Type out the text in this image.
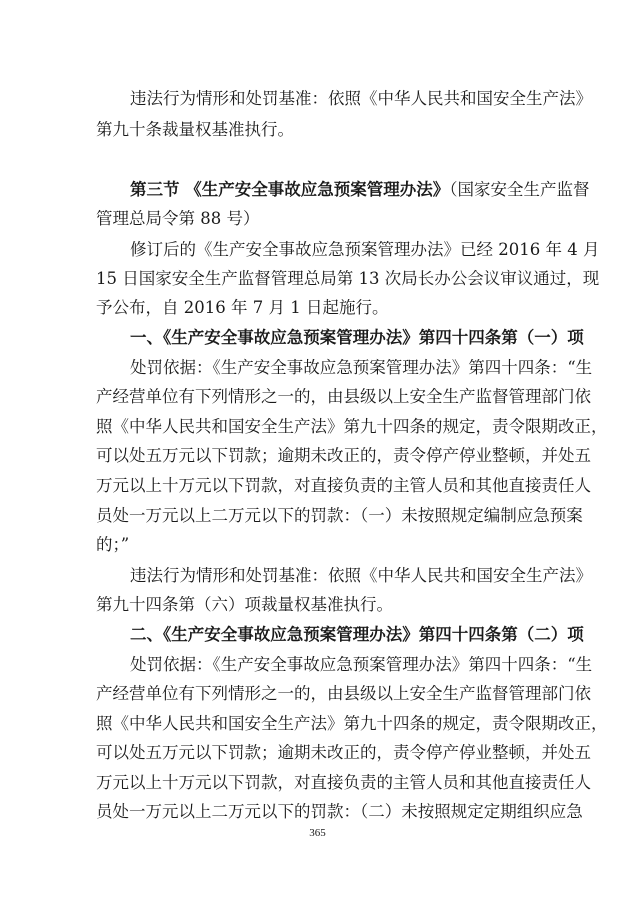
违法行为情形和处罚基准：依照《中华人民共和国安全生产法》
第九十条裁量权基准执行。
第三节 《生产安全事故应急预案管理办法》（国家安全生产监督
管理总局令第 88 号）
修订后的《生产安全事故应急预案管理办法》已经 2016 年 4 月
15 日国家安全生产监督管理总局第 13 次局长办公会议审议通过，现
予公布，自 2016 年 7 月 1 日起施行。
一、《生产安全事故应急预案管理办法》第四十四条第（一）项
处罚依据：《生产安全事故应急预案管理办法》第四十四条：“生
产经营单位有下列情形之一的，由县级以上安全生产监督管理部门依
照《中华人民共和国安全生产法》第九十四条的规定，责令限期改正，
可以处五万元以下罚款；逾期未改正的，责令停产停业整顿，并处五
万元以上十万元以下罚款，对直接负责的主管人员和其他直接责任人
员处一万元以上二万元以下的罚款：（一）未按照规定编制应急预案
的；”
违法行为情形和处罚基准：依照《中华人民共和国安全生产法》
第九十四条第（六）项裁量权基准执行。
二、《生产安全事故应急预案管理办法》第四十四条第（二）项
处罚依据：《生产安全事故应急预案管理办法》第四十四条：“生
产经营单位有下列情形之一的，由县级以上安全生产监督管理部门依
照《中华人民共和国安全生产法》第九十四条的规定，责令限期改正，
可以处五万元以下罚款；逾期未改正的，责令停产停业整顿，并处五
万元以上十万元以下罚款，对直接负责的主管人员和其他直接责任人
员处一万元以上二万元以下的罚款：（二）未按照规定定期组织应急
365
